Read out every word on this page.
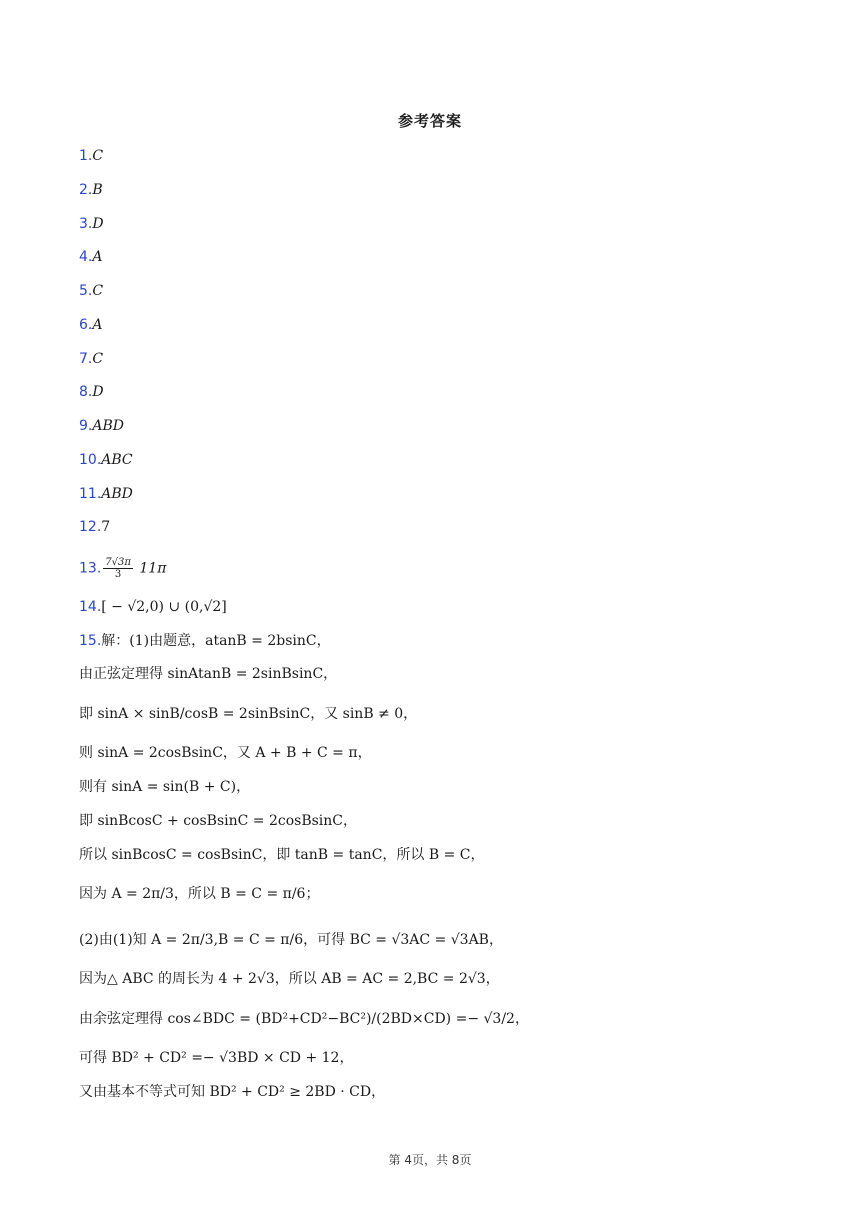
参考答案
1.C
2.B
3.D
4.A
5.C
6.A
7.C
8.D
9.ABD
10.ABC
11.ABD
12.7
13. $\frac{7√3\pi}{3} 11\pi$
14.[ − √2,0) ∪ (0,√2]
15.解：(1)由题意，atanB = 2bsinC，
由正弦定理得 sinAtanB = 2sinBsinC，
即 sinA × sinB/cosB = 2sinBsinC，又 sinB ≠ 0，
则 sinA = 2cosBsinC，又 A + B + C = π，
则有 sinA = sin(B + C)，
即 sinBcosC + cosBsinC = 2cosBsinC，
所以 sinBcosC = cosBsinC，即 tanB = tanC，所以 B = C，
因为 A = 2π/3，所以 B = C = π/6；
(2)由(1)知 A = 2π/3,B = C = π/6，可得 BC = √3AC = √3AB，
因为△ ABC 的周长为 4 + 2√3，所以 AB = AC = 2,BC = 2√3，
由余弦定理得 cos∠BDC = (BD²+CD²−BC²)/(2BD×CD) =− √3/2，
可得 BD² + CD² =− √3BD × CD + 12，
又由基本不等式可知 BD² + CD² ≥ 2BD · CD，
第 4页，共 8页
